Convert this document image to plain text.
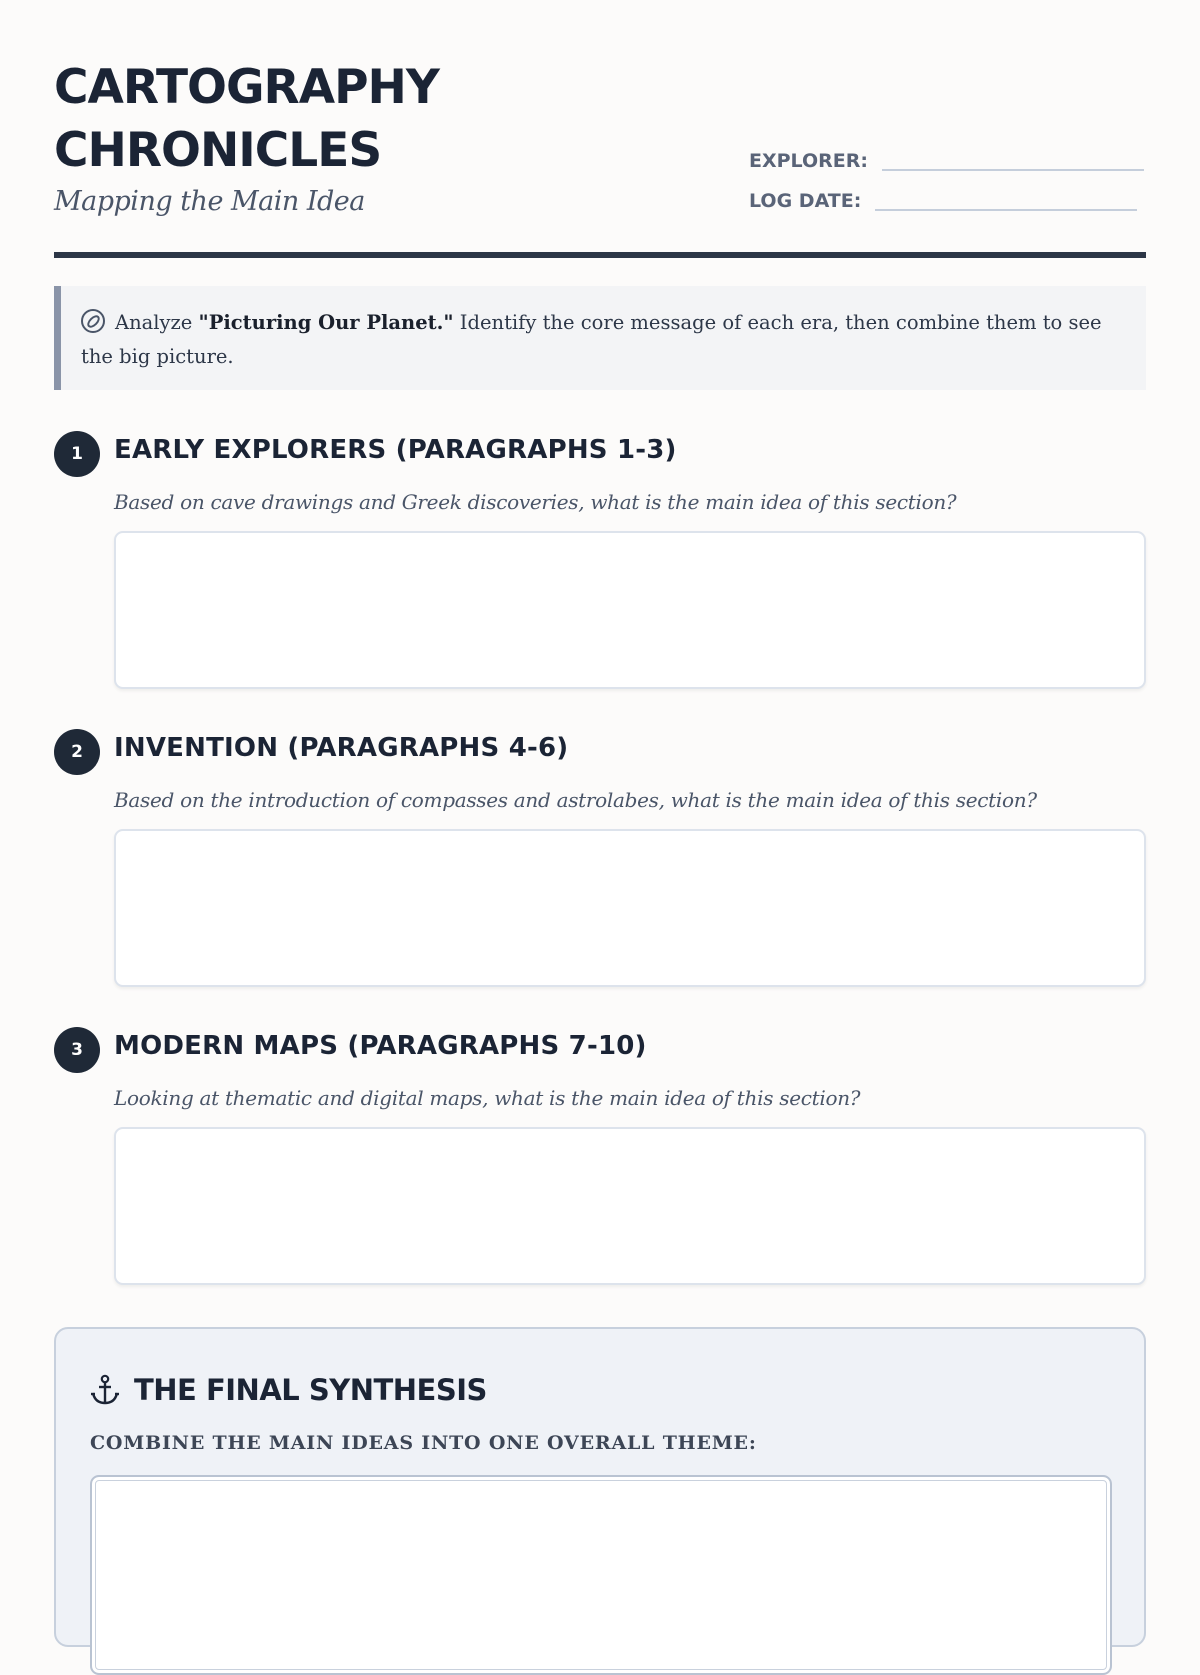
CARTOGRAPHY CHRONICLES
Mapping the Main Idea
EXPLORER:
LOG DATE:
Analyze "Picturing Our Planet." Identify the core message of each era, then combine them to see the big picture.
1	EARLY EXPLORERS (PARAGRAPHS 1-3)
Based on cave drawings and Greek discoveries, what is the main idea of this section?
2	INVENTION (PARAGRAPHS 4-6)
Based on the introduction of compasses and astrolabes, what is the main idea of this section?
3	MODERN MAPS (PARAGRAPHS 7-10)
Looking at thematic and digital maps, what is the main idea of this section?
THE FINAL SYNTHESIS
COMBINE THE MAIN IDEAS INTO ONE OVERALL THEME:
